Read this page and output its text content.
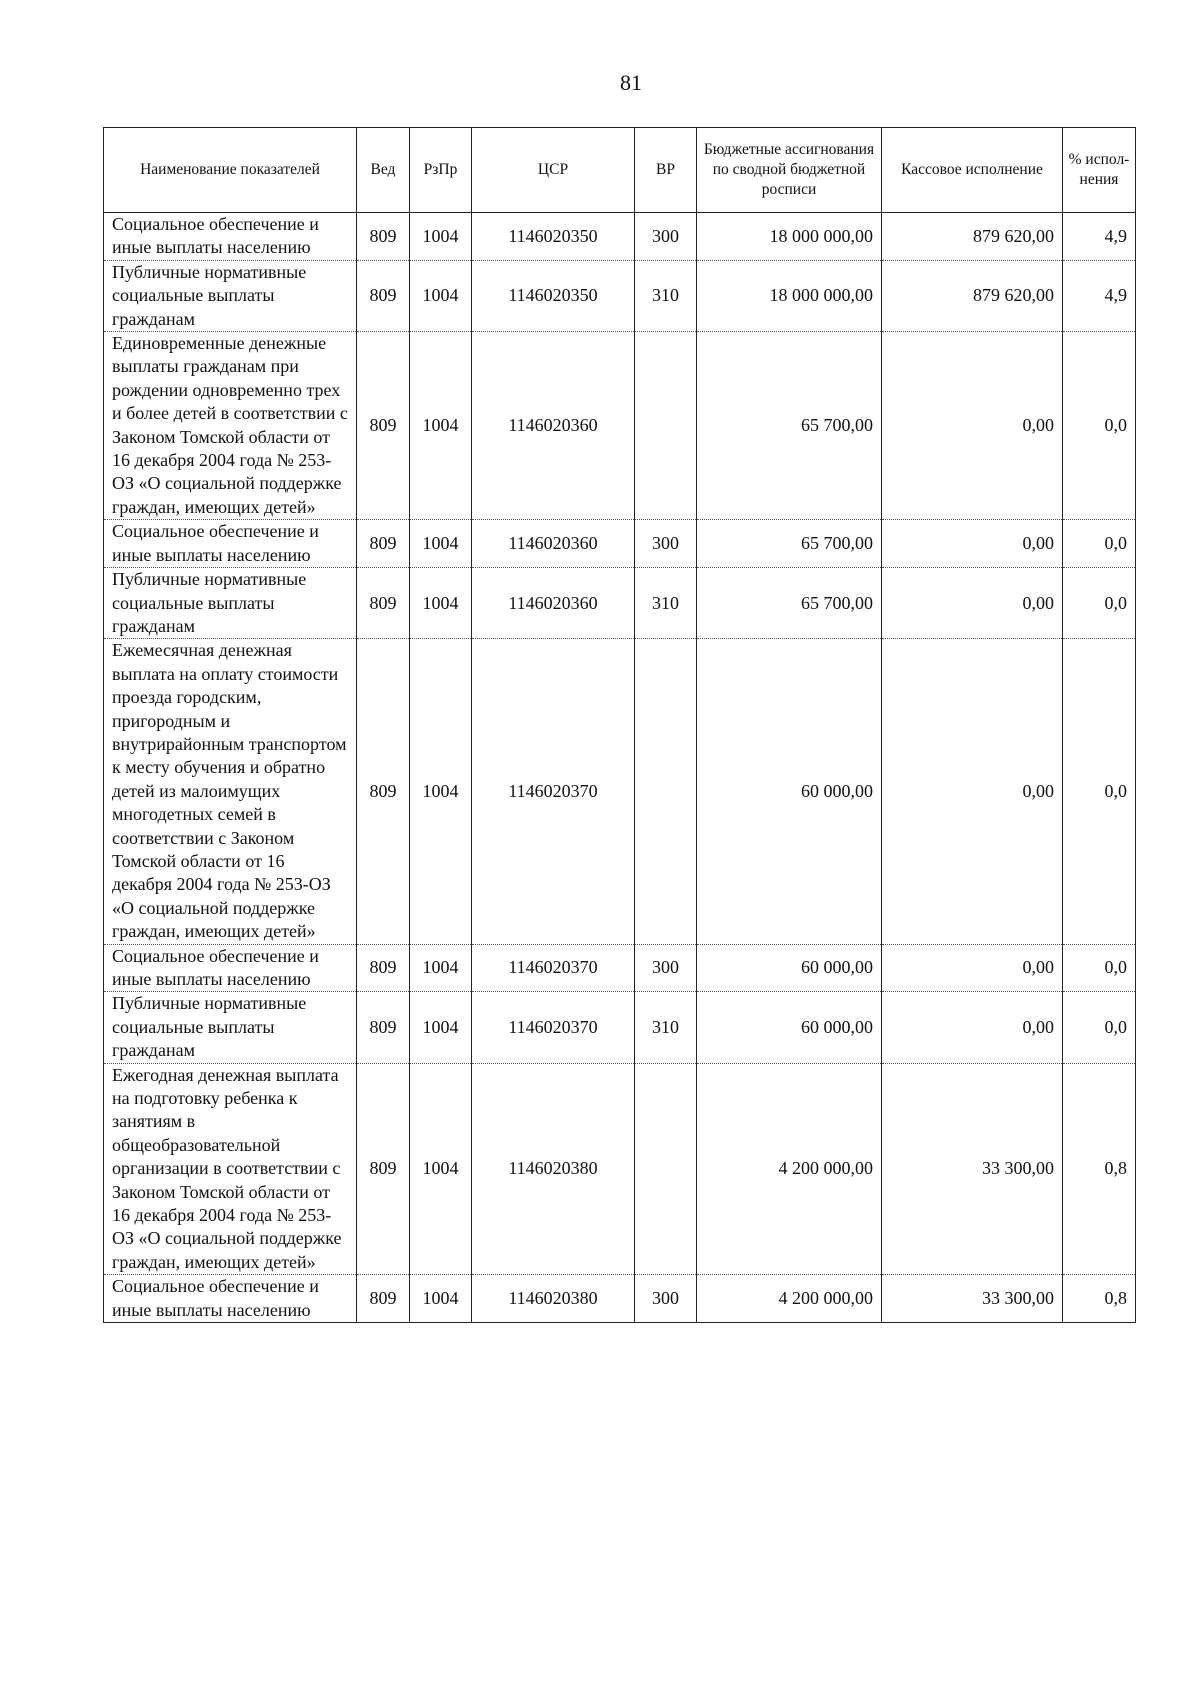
81
Наименование показателей	Вед	РзПр	ЦСР	ВР	Бюджетные ассигнования по сводной бюджетной росписи	Кассовое исполнение	% испол-нения
Социальное обеспечение и иные выплаты населению	809	1004	1146020350	300	18 000 000,00	879 620,00	4,9
Публичные нормативные социальные выплаты гражданам	809	1004	1146020350	310	18 000 000,00	879 620,00	4,9
Единовременные денежные выплаты гражданам при рождении одновременно трех и более детей в соответствии с Законом Томской области от 16 декабря 2004 года № 253-ОЗ «О социальной поддержке граждан, имеющих детей»	809	1004	1146020360		65 700,00	0,00	0,0
Социальное обеспечение и иные выплаты населению	809	1004	1146020360	300	65 700,00	0,00	0,0
Публичные нормативные социальные выплаты гражданам	809	1004	1146020360	310	65 700,00	0,00	0,0
Ежемесячная денежная выплата на оплату стоимости проезда городским, пригородным и внутрирайонным транспортом к месту обучения и обратно детей из малоимущих многодетных семей в соответствии с Законом Томской области от 16 декабря 2004 года № 253-ОЗ «О социальной поддержке граждан, имеющих детей»	809	1004	1146020370		60 000,00	0,00	0,0
Социальное обеспечение и иные выплаты населению	809	1004	1146020370	300	60 000,00	0,00	0,0
Публичные нормативные социальные выплаты гражданам	809	1004	1146020370	310	60 000,00	0,00	0,0
Ежегодная денежная выплата на подготовку ребенка к занятиям в общеобразовательной организации в соответствии с Законом Томской области от 16 декабря 2004 года № 253-ОЗ «О социальной поддержке граждан, имеющих детей»	809	1004	1146020380		4 200 000,00	33 300,00	0,8
Социальное обеспечение и иные выплаты населению	809	1004	1146020380	300	4 200 000,00	33 300,00	0,8
